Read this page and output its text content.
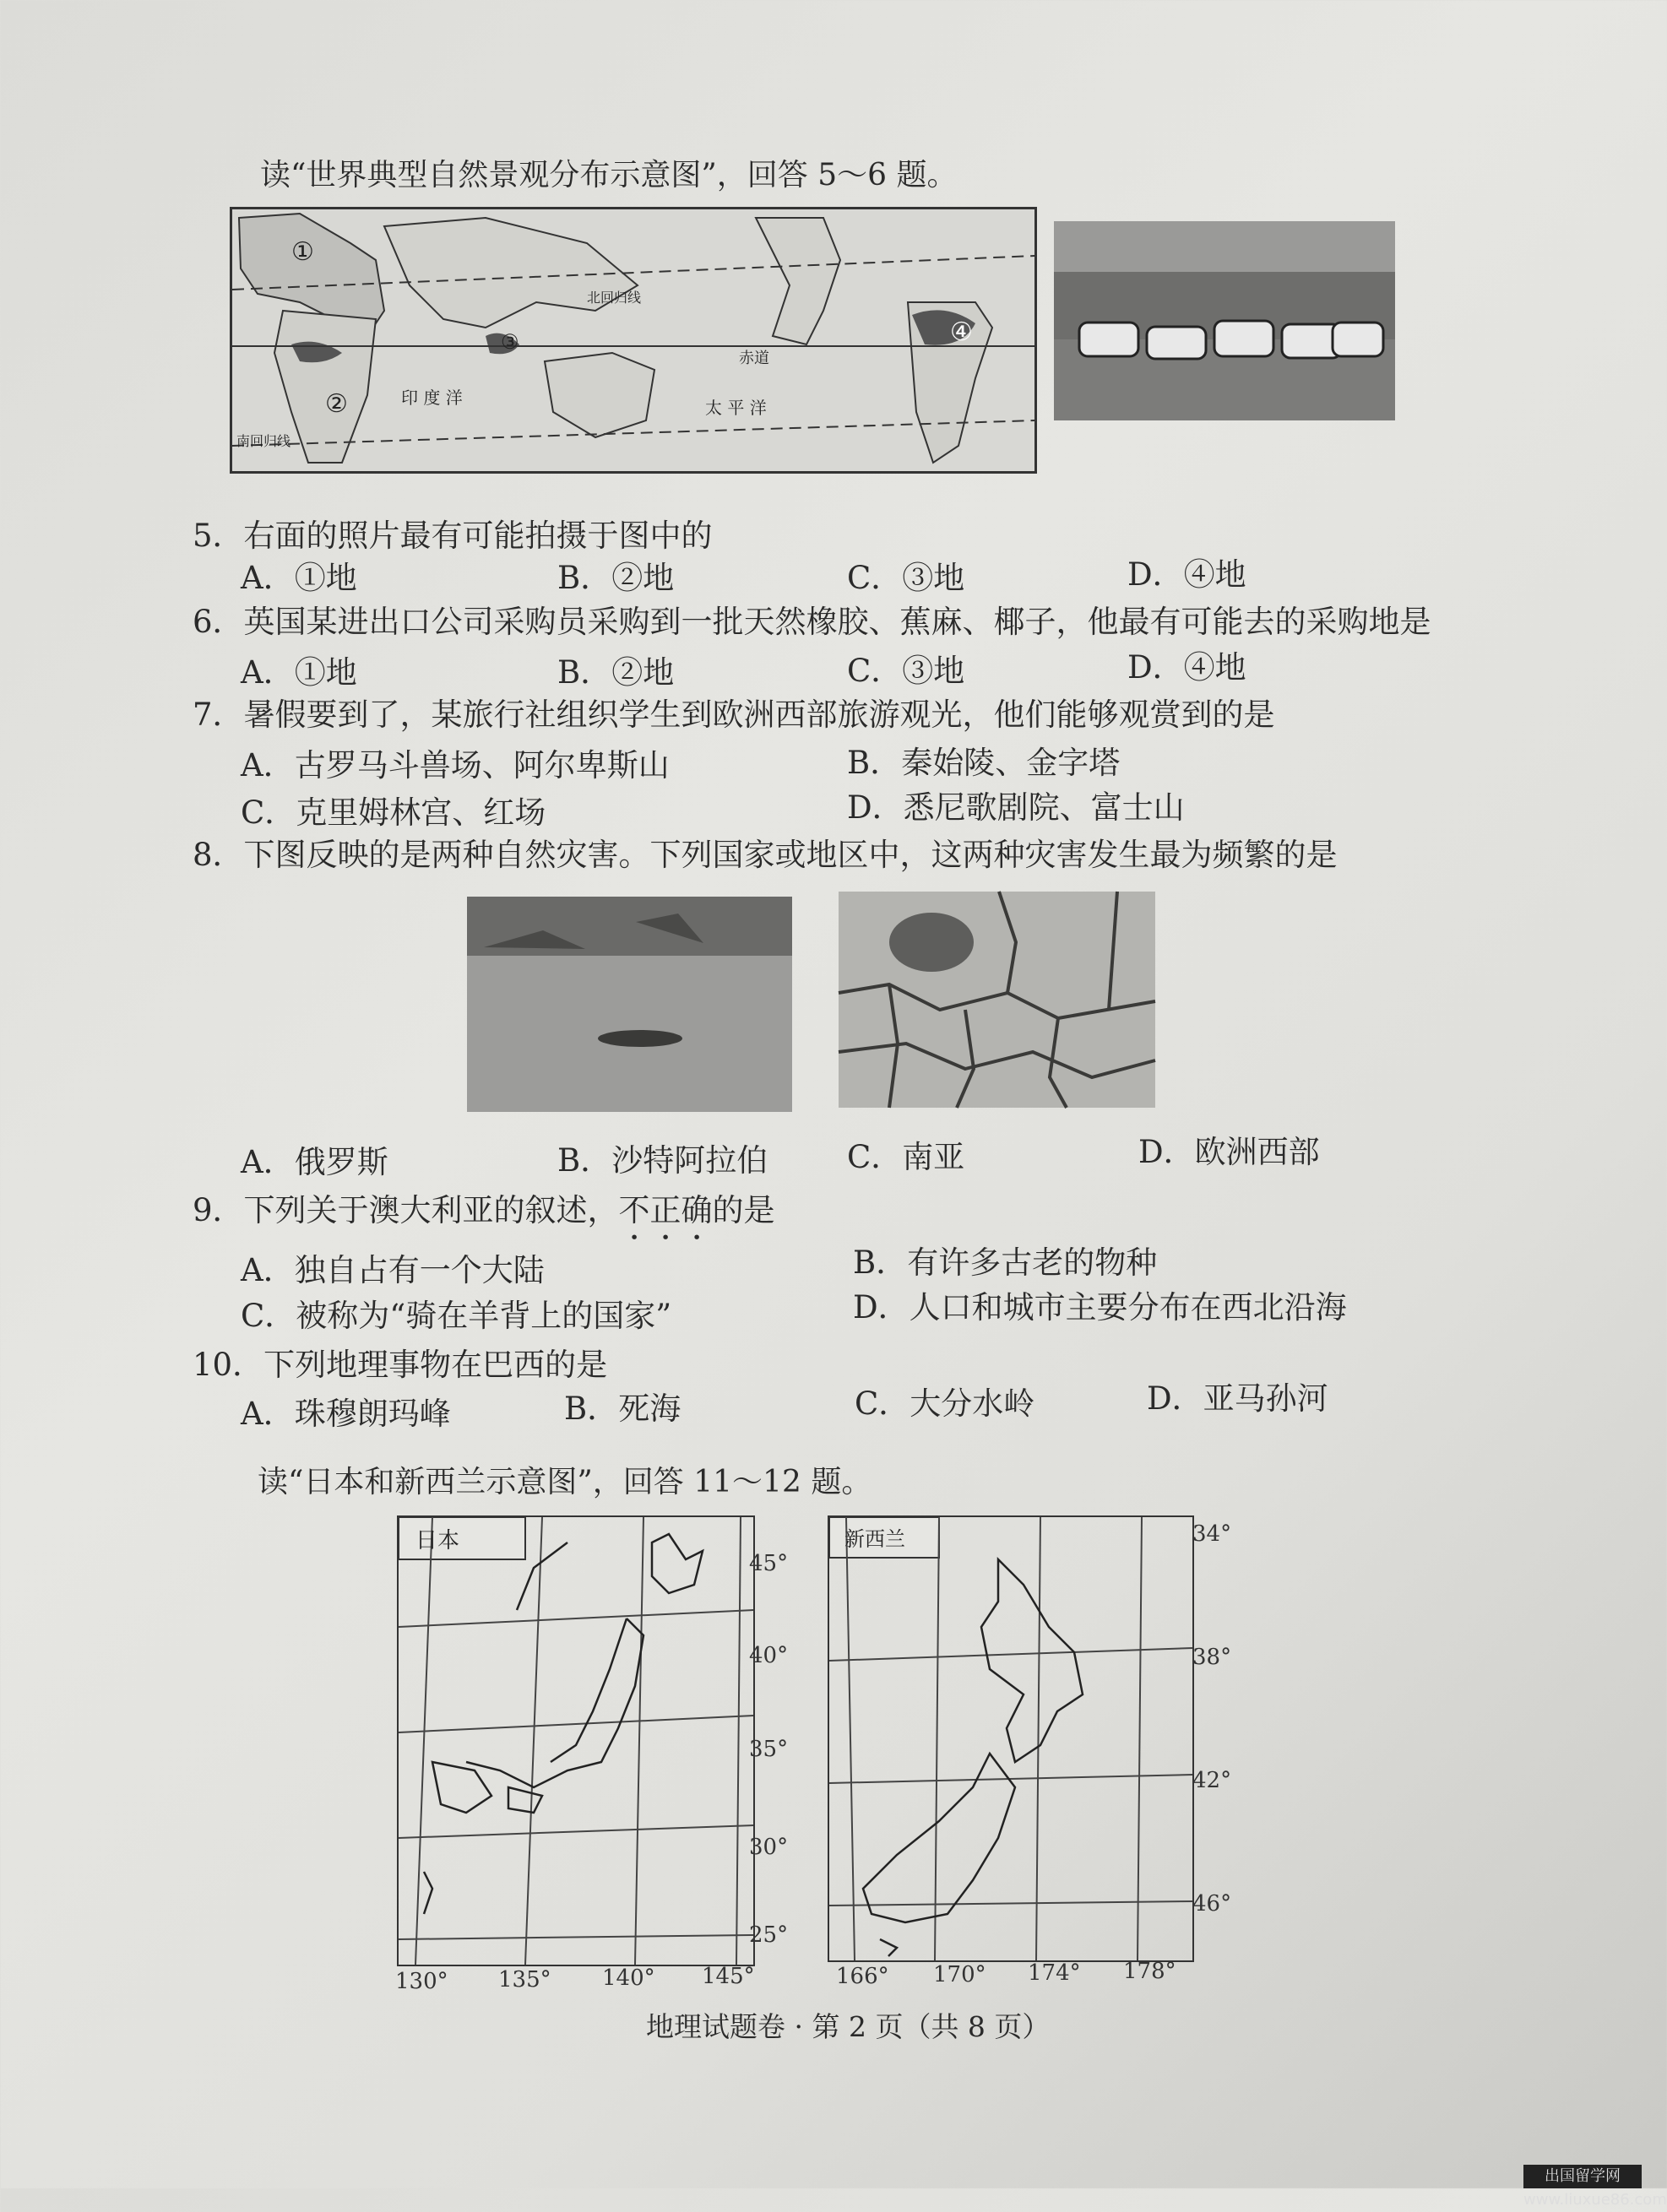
读“世界典型自然景观分布示意图”，回答 5～6 题。
①
②
③	④
北回归线
南回归线
赤道
印 度 洋	太 平 洋
5．右面的照片最有可能拍摄于图中的
A．①地	B．②地	C．③地	D．④地
6．英国某进出口公司采购员采购到一批天然橡胶、蕉麻、椰子，他最有可能去的采购地是
A．①地	B．②地	C．③地	D．④地
7．暑假要到了，某旅行社组织学生到欧洲西部旅游观光，他们能够观赏到的是
A．古罗马斗兽场、阿尔卑斯山	B．秦始陵、金字塔
C．克里姆林宫、红场	D．悉尼歌剧院、富士山
8．下图反映的是两种自然灾害。下列国家或地区中，这两种灾害发生最为频繁的是
A．俄罗斯	B．沙特阿拉伯	C．南亚	D．欧洲西部
9．下列关于澳大利亚的叙述，不正确的是
A．独自占有一个大陆	B．有许多古老的物种
C．被称为“骑在羊背上的国家”	D．人口和城市主要分布在西北沿海
10．下列地理事物在巴西的是
A．珠穆朗玛峰	B．死海	C．大分水岭	D．亚马孙河
读“日本和新西兰示意图”，回答 11～12 题。
日本
45°
40°
35°
30°
25°
130° 135° 140° 145°
新西兰	34°
38°
42°
46°
166° 170° 174° 178°
地理试题卷 · 第 2 页（共 8 页）
出国留学网 www.liuxue86.com
